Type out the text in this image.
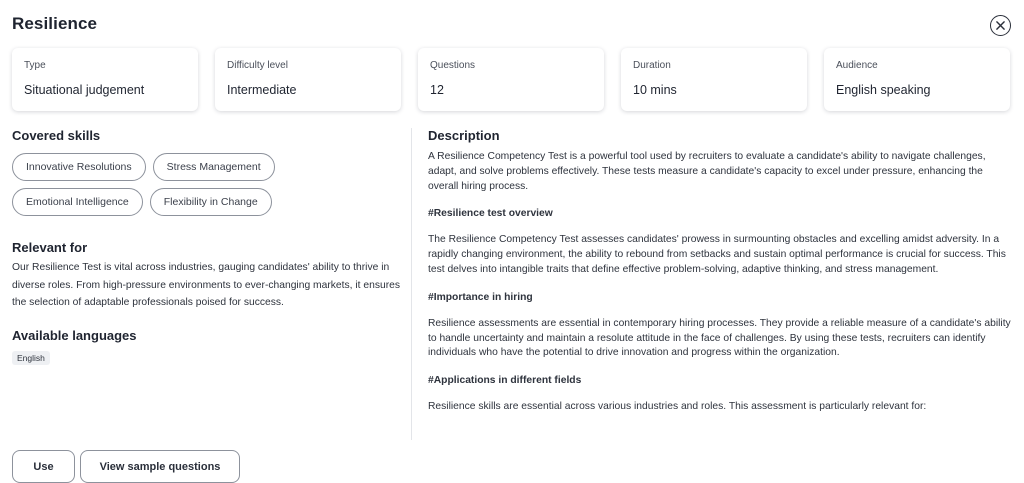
Resilience
Type
Situational judgement
Difficulty level
Intermediate
Questions
12
Duration
10 mins
Audience
English speaking
Covered skills
Innovative Resolutions	Stress Management
Emotional Intelligence	Flexibility in Change
Relevant for
Our Resilience Test is vital across industries, gauging candidates' ability to thrive in diverse roles. From high-pressure environments to ever-changing markets, it ensures the selection of adaptable professionals poised for success.
Available languages
English
Description

A Resilience Competency Test is a powerful tool used by recruiters to evaluate a candidate's ability to navigate challenges, adapt, and solve problems effectively. These tests measure a candidate's capacity to excel under pressure, enhancing the overall hiring process.

#Resilience test overview

The Resilience Competency Test assesses candidates' prowess in surmounting obstacles and excelling amidst adversity. In a rapidly changing environment, the ability to rebound from setbacks and sustain optimal performance is crucial for success. This test delves into intangible traits that define effective problem-solving, adaptive thinking, and stress management.

#Importance in hiring

Resilience assessments are essential in contemporary hiring processes. They provide a reliable measure of a candidate's ability to handle uncertainty and maintain a resolute attitude in the face of challenges. By using these tests, recruiters can identify individuals who have the potential to drive innovation and progress within the organization.

#Applications in different fields

Resilience skills are essential across various industries and roles. This assessment is particularly relevant for:

Use	View sample questions
